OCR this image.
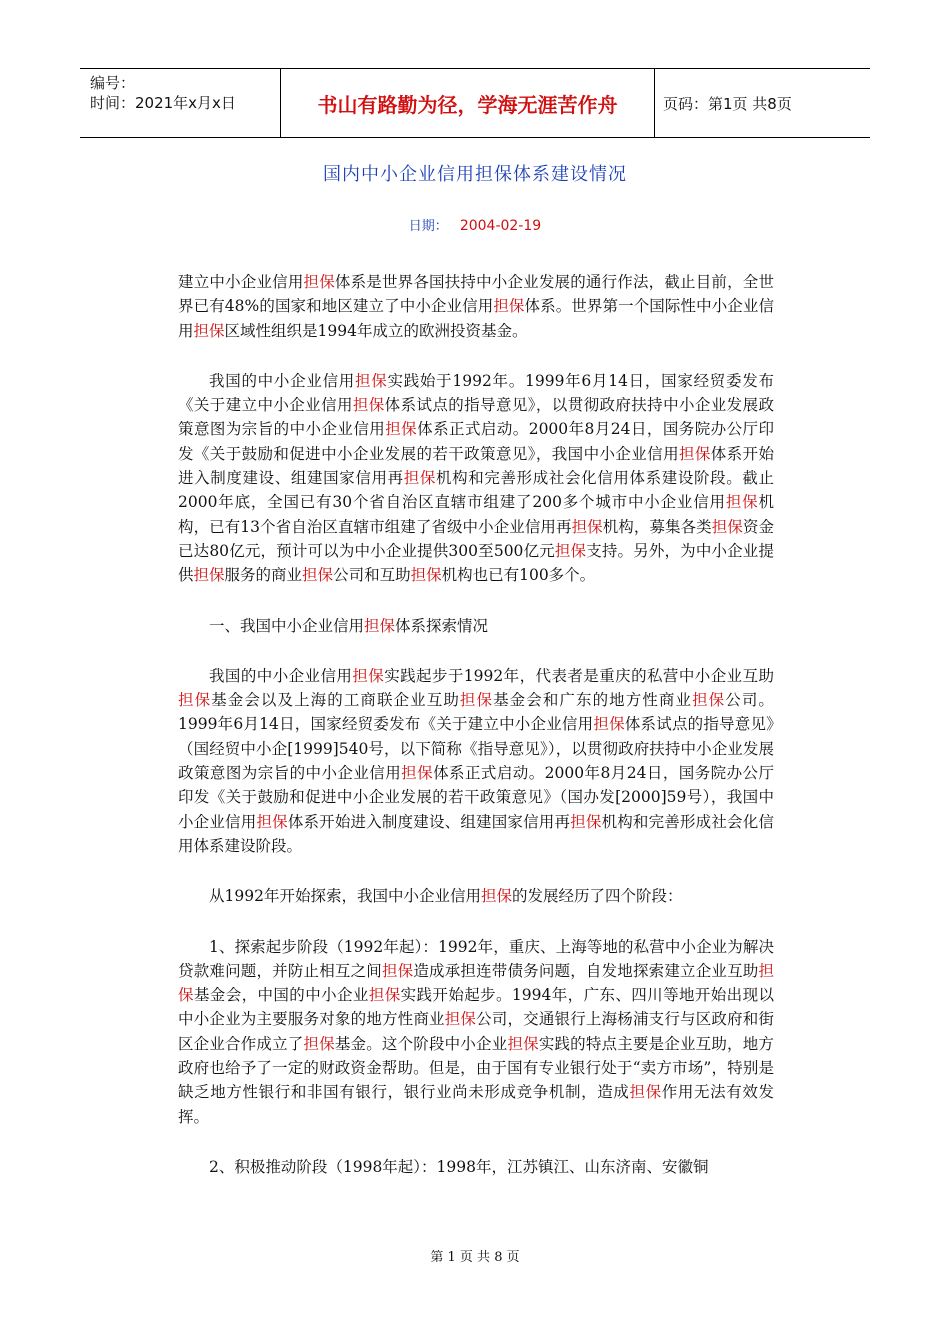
编号：
时间：2021年x月x日	书山有路勤为径，学海无涯苦作舟	页码：第1页 共8页
国内中小企业信用担保体系建设情况
日期： 2004-02-19

建立中小企业信用担保体系是世界各国扶持中小企业发展的通行作法，截止目前，全世界已有48%的国家和地区建立了中小企业信用担保体系。世界第一个国际性中小企业信用担保区域性组织是1994年成立的欧洲投资基金。

我国的中小企业信用担保实践始于1992年。1999年6月14日，国家经贸委发布《关于建立中小企业信用担保体系试点的指导意见》，以贯彻政府扶持中小企业发展政策意图为宗旨的中小企业信用担保体系正式启动。2000年8月24日，国务院办公厅印发《关于鼓励和促进中小企业发展的若干政策意见》，我国中小企业信用担保体系开始进入制度建设、组建国家信用再担保机构和完善形成社会化信用体系建设阶段。截止2000年底，全国已有30个省自治区直辖市组建了200多个城市中小企业信用担保机构，已有13个省自治区直辖市组建了省级中小企业信用再担保机构，募集各类担保资金已达80亿元，预计可以为中小企业提供300至500亿元担保支持。另外，为中小企业提供担保服务的商业担保公司和互助担保机构也已有100多个。

一、我国中小企业信用担保体系探索情况

我国的中小企业信用担保实践起步于1992年，代表者是重庆的私营中小企业互助担保基金会以及上海的工商联企业互助担保基金会和广东的地方性商业担保公司。1999年6月14日，国家经贸委发布《关于建立中小企业信用担保体系试点的指导意见》（国经贸中小企[1999]540号，以下简称《指导意见》），以贯彻政府扶持中小企业发展政策意图为宗旨的中小企业信用担保体系正式启动。2000年8月24日，国务院办公厅印发《关于鼓励和促进中小企业发展的若干政策意见》（国办发[2000]59号），我国中小企业信用担保体系开始进入制度建设、组建国家信用再担保机构和完善形成社会化信用体系建设阶段。

从1992年开始探索，我国中小企业信用担保的发展经历了四个阶段：

1、探索起步阶段（1992年起）：1992年，重庆、上海等地的私营中小企业为解决贷款难问题，并防止相互之间担保造成承担连带债务问题，自发地探索建立企业互助担保基金会，中国的中小企业担保实践开始起步。1994年，广东、四川等地开始出现以中小企业为主要服务对象的地方性商业担保公司，交通银行上海杨浦支行与区政府和街区企业合作成立了担保基金。这个阶段中小企业担保实践的特点主要是企业互助，地方政府也给予了一定的财政资金帮助。但是，由于国有专业银行处于“卖方市场”，特别是缺乏地方性银行和非国有银行，银行业尚未形成竞争机制，造成担保作用无法有效发挥。

2、积极推动阶段（1998年起）：1998年，江苏镇江、山东济南、安徽铜

第 1 页 共 8 页
